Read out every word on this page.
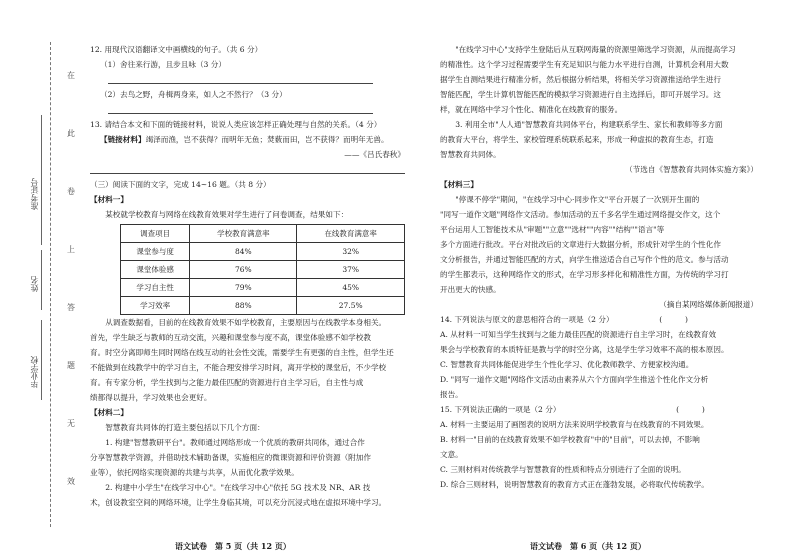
在
此
卷
上
答
题
无
效
准考证号
姓名
毕业学校

12. 用现代汉语翻译文中画横线的句子。（共 6 分）

（1）舍往来行游，且步且咏（3 分）

（2）去鸟之野，舟楫两身来，如人之不然行？（3 分）

13. 请结合本文和下面的链接材料，说说人类应该怎样正确处理与自然的关系。（4 分）

【链接材料】竭泽而渔，岂不获得？而明年无鱼；焚薮而田，岂不获得？而明年无兽。

——《吕氏春秋》

（三）阅读下面的文字，完成 14~16 题。（共 8 分）

【材料一】

某校就学校教育与网络在线教育效果对学生进行了问卷调查，结果如下：

调查项目	学校教育满意率	在线教育满意率
课堂参与度	84%	32%
课堂体验感	76%	37%
学习自主性	79%	45%
学习效率	88%	27.5%

从调查数据看，目前的在线教育效果不如学校教育，主要原因与在线教学本身相关。

首先，学生缺乏与教师的互动交流，兴趣和课堂参与度不高，课堂体验感不如学校教

育。时空分离即师生同时网络在线互动的社会性交流，需要学生有更强的自主性，但学生还

不能做到在线教学中的学习自主，不能合理安排学习时间，离开学校的课堂后，不少学校

育。有专家分析，学生找到与之能力最佳匹配的资源进行自主学习后，自主性与成

绩都得以提升，学习效果也会更好。

【材料二】

智慧教育共同体的打造主要包括以下几个方面：

1. 构建"智慧教研平台"。教师通过网络形成一个优质的教研共同体，通过合作

分享智慧教学资源，并借助技术辅助备课，实施相应的微课资源和评价资源（附加作

业等），依托网络实现资源的共建与共享，从而优化教学效果。

2. 构建中小学生"在线学习中心"。"在线学习中心"依托 5G 技术及 NR、AR 技

术，创设教室空间的网络环境，让学生身临其境，可以充分沉浸式地在虚拟环境中学习。

"在线学习中心"支持学生登陆后从互联网海量的资源里筛选学习资源，从而提高学习

的精准性。这个学习过程需要学生有充足知识与能力水平进行自测，计算机会利用大数

据学生自测结果进行精准分析，然后根据分析结果，将相关学习资源推送给学生进行

智能匹配，学生计算机智能匹配的模拟学习资源进行自主选择后，即可开展学习。这

样，就在网络中学习个性化、精准化在线教育的服务。

3. 利用全市"人人通"智慧教育共同体平台，构建联系学生、家长和教师等多方面

的教育大平台，将学生、家校管理系统联系起来，形成一种虚拟的教育生态，打造

智慧教育共同体。

（节选自《智慧教育共同体实施方案》）

【材料三】

"停课不停学"期间，"在线学习中心·同步作文"平台开展了一次别开生面的

"同写一道作文题"网络作文活动。参加活动的五千多名学生通过网络提交作文，这个

平台运用人工智能技术从"审题""立意""选材""内容""结构""语言"等

多个方面进行批改。平台对批改后的文章进行大数据分析，形成针对学生的个性化作

文分析报告，并通过智能匹配的方式，向学生推送适合自己写作个性的范文。参与活动

的学生都表示，这种网络作文的形式，在学习形多样化和精准性方面，为传统的学习打

开出更大的快感。

（摘自某网络媒体新闻报道）

14. 下列说法与原文的意思相符合的一项是（2 分）	(　　　)

A. 从材料一可知当学生找到与之能力最佳匹配的资源进行自主学习时，在线教育效

果会与学校教育的本质特征是教与学的时空分离，这是学生学习效率不高的根本原因。

C. 智慧教育共同体能促进学生个性化学习、优化教师教学、方便家校沟通。

D. "同写一道作文题"网络作文活动由素养从六个方面向学生推送个性化作文分析

报告。

15. 下列说法正确的一项是（2 分）	(　　　)

A. 材料一主要运用了画图表的说明方法来说明学校教育与在线教育的不同效果。

B. 材料一"目前的在线教育效果不如学校教育"中的"目前"，可以去掉，不影响

文意。

C. 三则材料对传统教学与智慧教育的性质和特点分别进行了全面的说明。

D. 综合三则材料，说明智慧教育的教育方式正在蓬勃发展，必将取代传统教学。

语文试卷　第 5 页（共 12 页）	语文试卷　第 6 页（共 12 页）
